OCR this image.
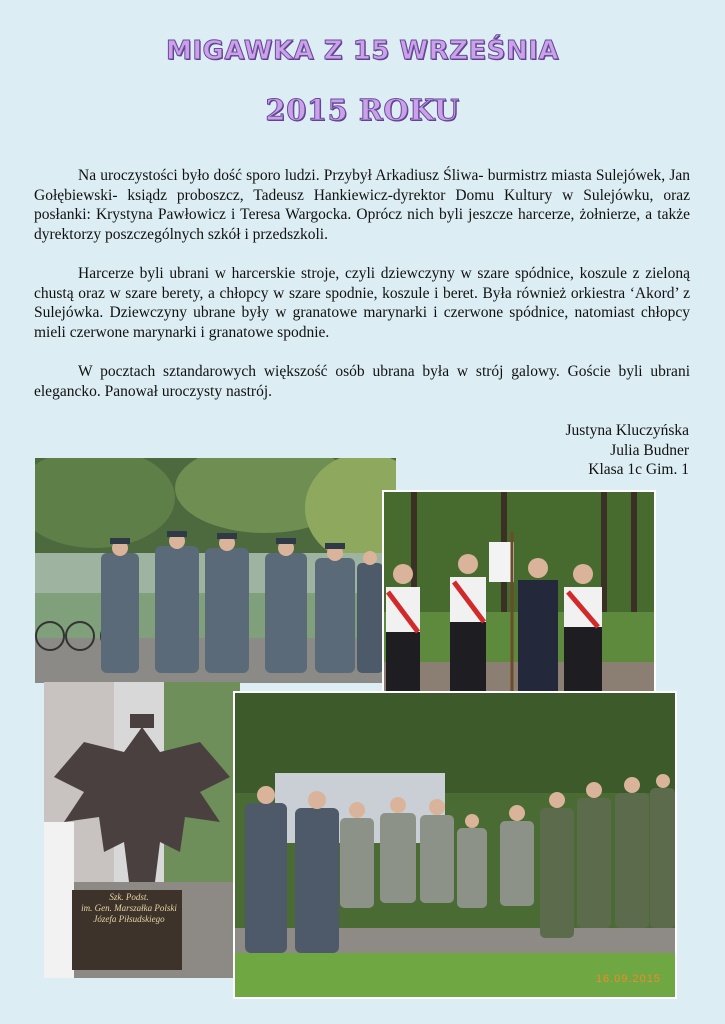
MIGAWKA Z 15 WRZEŚNIA
2015 ROKU

Na uroczystości było dość sporo ludzi. Przybył Arkadiusz Śliwa- burmistrz miasta Sulejówek, Jan Gołębiewski- ksiądz proboszcz, Tadeusz Hankiewicz-dyrektor Domu Kultury w Sulejówku, oraz posłanki: Krystyna Pawłowicz i Teresa Wargocka. Oprócz nich byli jeszcze harcerze, żołnierze, a także dyrektorzy poszczególnych szkół i przedszkoli.

Harcerze byli ubrani w harcerskie stroje, czyli dziewczyny w szare spódnice, koszule z zieloną chustą oraz w szare berety, a chłopcy w szare spodnie, koszule i beret. Była również orkiestra ‘Akord’ z Sulejówka. Dziewczyny ubrane były w granatowe marynarki i czerwone spódnice, natomiast chłopcy mieli czerwone marynarki i granatowe spodnie.

W pocztach sztandarowych większość osób ubrana była w strój galowy. Goście byli ubrani elegancko. Panował uroczysty nastrój.

Justyna Kluczyńska
Julia Budner
Klasa 1c Gim. 1
Szk. Podst.
im. Gen. Marszałka Polski
Józefa Piłsudskiego
16.09.2015
